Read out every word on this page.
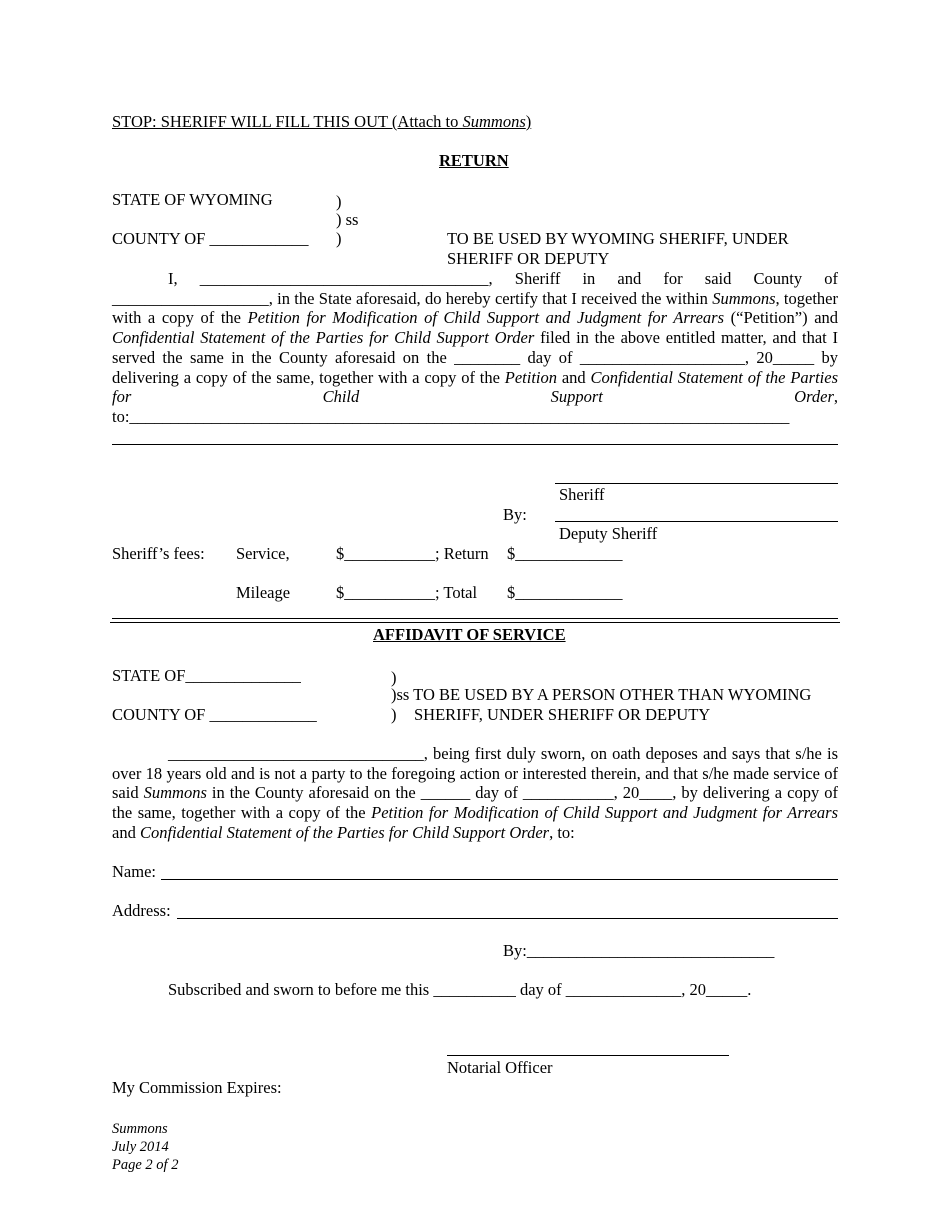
STOP: SHERIFF WILL FILL THIS OUT (Attach to Summons)
RETURN
STATE OF WYOMING	)
) ss
COUNTY OF ____________ )	TO BE USED BY WYOMING SHERIFF, UNDER
SHERIFF OR DEPUTY
I, ___________________________________, Sheriff in and for said County of ___________________, in the State aforesaid, do hereby certify that I received the within Summons, together with a copy of the Petition for Modification of Child Support and Judgment for Arrears (“Petition”) and Confidential Statement of the Parties for Child Support Order filed in the above entitled matter, and that I served the same in the County aforesaid on the ________ day of ____________________, 20_____ by delivering a copy of the same, together with a copy of the Petition and Confidential Statement of the Parties for Child Support Order, to:________________________________________________________________________________
Sheriff
By:
Deputy Sheriff
Sheriff’s fees: Service,	$___________; Return $_____________
Mileage	$___________; Total $_____________
AFFIDAVIT OF SERVICE
STATE OF______________	)
)ss TO BE USED BY A PERSON OTHER THAN WYOMING
COUNTY OF _____________	) SHERIFF, UNDER SHERIFF OR DEPUTY
_______________________________, being first duly sworn, on oath deposes and says that s/he is over 18 years old and is not a party to the foregoing action or interested therein, and that s/he made service of said Summons in the County aforesaid on the ______ day of ___________, 20____, by delivering a copy of the same, together with a copy of the Petition for Modification of Child Support and Judgment for Arrears and Confidential Statement of the Parties for Child Support Order, to:
Name:
Address:
By:______________________________
Subscribed and sworn to before me this __________ day of ______________, 20_____.
Notarial Officer
My Commission Expires:
Summons
July 2014
Page 2 of 2
